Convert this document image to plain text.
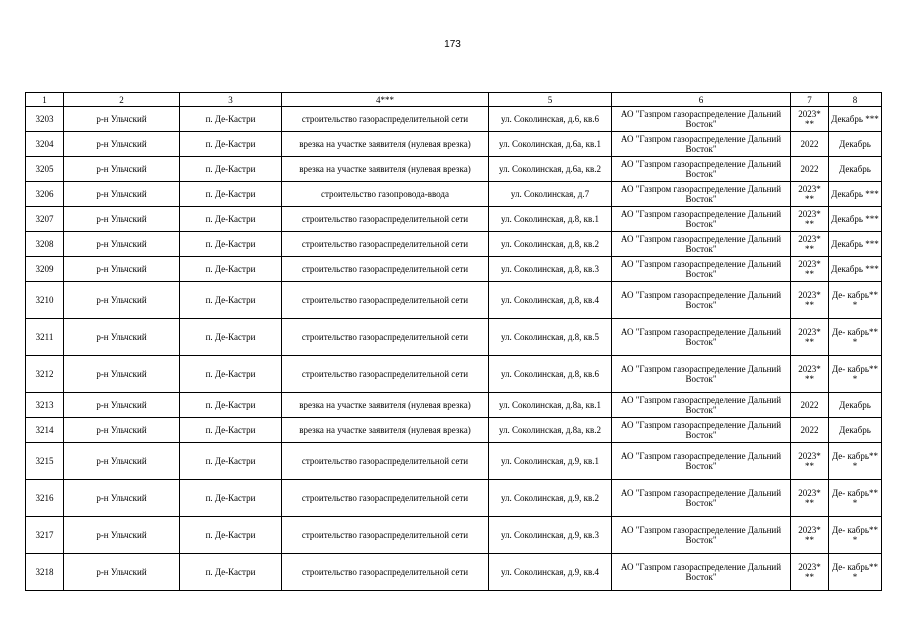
173
1	2	3	4***	5	6	7	8
3203	р-н Ульчский	п. Де-Кастри	строительство газораспределительной сети	ул. Соколинская, д.6, кв.6	АО "Газпром газораспределение Дальний Восток"	2023* **	Декабрь ***
3204	р-н Ульчский	п. Де-Кастри	врезка на участке заявителя (нулевая врезка)	ул. Соколинская, д.6а, кв.1	АО "Газпром газораспределение Дальний Восток"	2022	Декабрь
3205	р-н Ульчский	п. Де-Кастри	врезка на участке заявителя (нулевая врезка)	ул. Соколинская, д.6а, кв.2	АО "Газпром газораспределение Дальний Восток"	2022	Декабрь
3206	р-н Ульчский	п. Де-Кастри	строительство газопровода-ввода	ул. Соколинская, д.7	АО "Газпром газораспределение Дальний Восток"	2023* **	Декабрь ***
3207	р-н Ульчский	п. Де-Кастри	строительство газораспределительной сети	ул. Соколинская, д.8, кв.1	АО "Газпром газораспределение Дальний Восток"	2023* **	Декабрь ***
3208	р-н Ульчский	п. Де-Кастри	строительство газораспределительной сети	ул. Соколинская, д.8, кв.2	АО "Газпром газораспределение Дальний Восток"	2023* **	Декабрь ***
3209	р-н Ульчский	п. Де-Кастри	строительство газораспределительной сети	ул. Соколинская, д.8, кв.3	АО "Газпром газораспределение Дальний Восток"	2023* **	Декабрь ***
3210	р-н Ульчский	п. Де-Кастри	строительство газораспределительной сети	ул. Соколинская, д.8, кв.4	АО "Газпром газораспределение Дальний Восток"	2023* **	Де- кабрь** *
3211	р-н Ульчский	п. Де-Кастри	строительство газораспределительной сети	ул. Соколинская, д.8, кв.5	АО "Газпром газораспределение Дальний Восток"	2023* **	Де- кабрь** *
3212	р-н Ульчский	п. Де-Кастри	строительство газораспределительной сети	ул. Соколинская, д.8, кв.6	АО "Газпром газораспределение Дальний Восток"	2023* **	Де- кабрь** *
3213	р-н Ульчский	п. Де-Кастри	врезка на участке заявителя (нулевая врезка)	ул. Соколинская, д.8а, кв.1	АО "Газпром газораспределение Дальний Восток"	2022	Декабрь
3214	р-н Ульчский	п. Де-Кастри	врезка на участке заявителя (нулевая врезка)	ул. Соколинская, д.8а, кв.2	АО "Газпром газораспределение Дальний Восток"	2022	Декабрь
3215	р-н Ульчский	п. Де-Кастри	строительство газораспределительной сети	ул. Соколинская, д.9, кв.1	АО "Газпром газораспределение Дальний Восток"	2023* **	Де- кабрь** *
3216	р-н Ульчский	п. Де-Кастри	строительство газораспределительной сети	ул. Соколинская, д.9, кв.2	АО "Газпром газораспределение Дальний Восток"	2023* **	Де- кабрь** *
3217	р-н Ульчский	п. Де-Кастри	строительство газораспределительной сети	ул. Соколинская, д.9, кв.3	АО "Газпром газораспределение Дальний Восток"	2023* **	Де- кабрь** *
3218	р-н Ульчский	п. Де-Кастри	строительство газораспределительной сети	ул. Соколинская, д.9, кв.4	АО "Газпром газораспределение Дальний Восток"	2023* **	Де- кабрь** *
